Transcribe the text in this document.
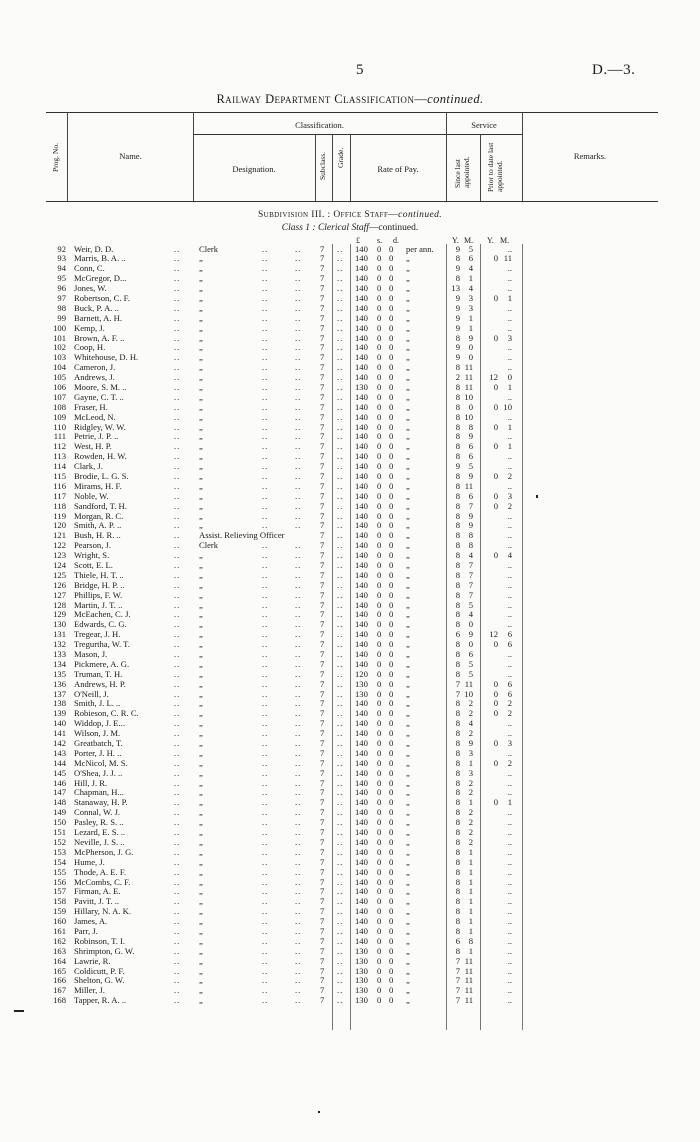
5	D.—3.
Railway Department Classification—continued.
Prog. No.	Name.
Classification.
Designation.	Subclass. Grade.
Rate of Pay.
Service
Since last appointed. Prior to date last appointed.
Remarks.
Subdivision III. : Office Staff—continued.
Class 1 : Clerical Staff—continued.
£ s. d.	Y. M. Y. M.
92 Weir, D. D.	.. Clerk	..	.. 7 .. 140 0 0 per ann.	9	5	..
93 Marris, B. A. ..	.. „	..	.. 7 .. 140 0 0 „	8	6	0 11
94 Conn, C.	.. „	..	.. 7 .. 140 0 0 „	9	4	..
95 McGregor, D...	.. „	..	.. 7 .. 140 0 0 „	8	1	..
96 Jones, W.	.. „	..	.. 7 .. 140 0 0 „	13	4	..
97 Robertson, C. F.	.. „	..	.. 7 .. 140 0 0 „	9	3	0	1
98 Buck, P. A. ..	.. „	..	.. 7 .. 140 0 0 „	9	3	..
99 Barnett, A. H.	.. „	..	.. 7 .. 140 0 0 „	9	1	..
100 Kemp, J.	.. „	..	.. 7 .. 140 0 0 „	9	1	..
101 Brown, A. F. ..	.. „	..	.. 7 .. 140 0 0 „	8	9	0	3
102 Coop, H.	.. „	..	.. 7 .. 140 0 0 „	9	0	..
103 Whitehouse, D. H.	.. „	..	.. 7 .. 140 0 0 „	9	0	..
104 Cameron, J.	.. „	..	.. 7 .. 140 0 0 „	8 11	..
105 Andrews, J.	.. „	..	.. 7 .. 140 0 0 „	2 11	12	0
106 Moore, S. M. ..	.. „	..	.. 7 .. 130 0 0 „	8 11	0	1
107 Gayne, C. T. ..	.. „	..	.. 7 .. 140 0 0 „	8 10	..
108 Fraser, H.	.. „	..	.. 7 .. 140 0 0 „	8	0	0 10
109 McLeod, N.	.. „	..	.. 7 .. 140 0 0 „	8 10	..
110 Ridgley, W. W.	.. „	..	.. 7 .. 140 0 0 „	8	8	0	1
111 Petrie, J. P. ..	.. „	..	.. 7 .. 140 0 0 „	8	9	..
112 West, H. P.	.. „	..	.. 7 .. 140 0 0 „	8	6	0	1
113 Rowden, H. W.	.. „	..	.. 7 .. 140 0 0 „	8	6	..
114 Clark, J.	.. „	..	.. 7 .. 140 0 0 „	9	5	..
115 Brodie, L. G. S.	.. „	..	.. 7 .. 140 0 0 „	8	9	0	2
116 Mirams, H. F.	.. „	..	.. 7 .. 140 0 0 „	8 11	..
117 Noble, W.	.. „	..	.. 7 .. 140 0 0 „	8	6	0	3
118 Sandford, T. H.	.. „	..	.. 7 .. 140 0 0 „	8	7	0	2
119 Morgan, R. C.	.. „	..	.. 7 .. 140 0 0 „	8	9	..
120 Smith, A. P. ..	.. „	..	.. 7 .. 140 0 0 „	8	9	..
121 Bush, H. R. ..	.. Assist. Relieving Officer	7 .. 140 0 0 „	8	8	..
122 Pearson, J.	.. Clerk	..	.. 7 .. 140 0 0 „	8	8	..
123 Wright, S.	.. „	..	.. 7 .. 140 0 0 „	8	4	0	4
124 Scott, E. L.	.. „	..	.. 7 .. 140 0 0 „	8	7	..
125 Thiele, H. T. ..	.. „	..	.. 7 .. 140 0 0 „	8	7	..
126 Bridge, H. P. ..	.. „	..	.. 7 .. 140 0 0 „	8	7	..
127 Phillips, F. W.	.. „	..	.. 7 .. 140 0 0 „	8	7	..
128 Martin, J. T. ..	.. „	..	.. 7 .. 140 0 0 „	8	5	..
129 McEachen, C. J.	.. „	..	.. 7 .. 140 0 0 „	8	4	..
130 Edwards, C. G.	.. „	..	.. 7 .. 140 0 0 „	8	0	..
131 Tregear, J. H.	.. „	..	.. 7 .. 140 0 0 „	6	9	12	6
132 Tregurtha, W. T.	.. „	..	.. 7 .. 140 0 0 „	8	0	0	6
133 Mason, J.	.. „	..	.. 7 .. 140 0 0 „	8	6	..
134 Pickmere, A. G.	.. „	..	.. 7 .. 140 0 0 „	8	5	..
135 Truman, T. H.	.. „	..	.. 7 .. 120 0 0 „	8	5	..
136 Andrews, H. P.	.. „	..	.. 7 .. 130 0 0 „	7 11	0	6
137 O'Neill, J.	.. „	..	.. 7 .. 130 0 0 „	7 10	0	6
138 Smith, J. L. ..	.. „	..	.. 7 .. 140 0 0 „	8	2	0	2
139 Robieson, C. R. C.	.. „	..	.. 7 .. 140 0 0 „	8	2	0	2
140 Widdop, J. E...	.. „	..	.. 7 .. 140 0 0 „	8	4	..
141 Wilson, J. M.	.. „	..	.. 7 .. 140 0 0 „	8	2	..
142 Greatbatch, T.	.. „	..	.. 7 .. 140 0 0 „	8	9	0	3
143 Porter, J. H. ..	.. „	..	.. 7 .. 140 0 0 „	8	3	..
144 McNicol, M. S.	.. „	..	.. 7 .. 140 0 0 „	8	1	0	2
145 O'Shea, J. J. ..	.. „	..	.. 7 .. 140 0 0 „	8	3	..
146 Hill, J. R.	.. „	..	.. 7 .. 140 0 0 „	8	2	..
147 Chapman, H...	.. „	..	.. 7 .. 140 0 0 „	8	2	..
148 Stanaway, H. P.	.. „	..	.. 7 .. 140 0 0 „	8	1	0	1
149 Connal, W. J.	.. „	..	.. 7 .. 140 0 0 „	8	2	..
150 Pasley, R. S. ..	.. „	..	.. 7 .. 140 0 0 „	8	2	..
151 Lezard, E. S. ..	.. „	..	.. 7 .. 140 0 0 „	8	2	..
152 Neville, J. S. ..	.. „	..	.. 7 .. 140 0 0 „	8	2	..
153 McPherson, J. G.	.. „	..	.. 7 .. 140 0 0 „	8	1	..
154 Hume, J.	.. „	..	.. 7 .. 140 0 0 „	8	1	..
155 Thode, A. E. F.	.. „	..	.. 7 .. 140 0 0 „	8	1	..
156 McCombs, C. F.	.. „	..	.. 7 .. 140 0 0 „	8	1	..
157 Firman, A. E.	.. „	..	.. 7 .. 140 0 0 „	8	1	..
158 Pavitt, J. T. ..	.. „	..	.. 7 .. 140 0 0 „	8	1	..
159 Hillary, N. A. K.	.. „	..	.. 7 .. 140 0 0 „	8	1	..
160 James, A.	.. „	..	.. 7 .. 140 0 0 „	8	1	..
161 Parr, J.	.. „	..	.. 7 .. 140 0 0 „	8	1	..
162 Robinson, T. I.	.. „	..	.. 7 .. 140 0 0 „	6	8	..
163 Shrimpton, G. W.	.. „	..	.. 7 .. 130 0 0 „	8	1	..
164 Lawrie, R.	.. „	..	.. 7 .. 130 0 0 „	7 11	..
165 Coldicutt, P. F.	.. „	..	.. 7 .. 130 0 0 „	7 11	..
166 Shelton, G. W.	.. „	..	.. 7 .. 130 0 0 „	7 11	..
167 Miller, J.	.. „	..	.. 7 .. 130 0 0 „	7 11	..
168 Tapper, R. A. ..	.. „	..	.. 7 .. 130 0 0 „	7 11	..
